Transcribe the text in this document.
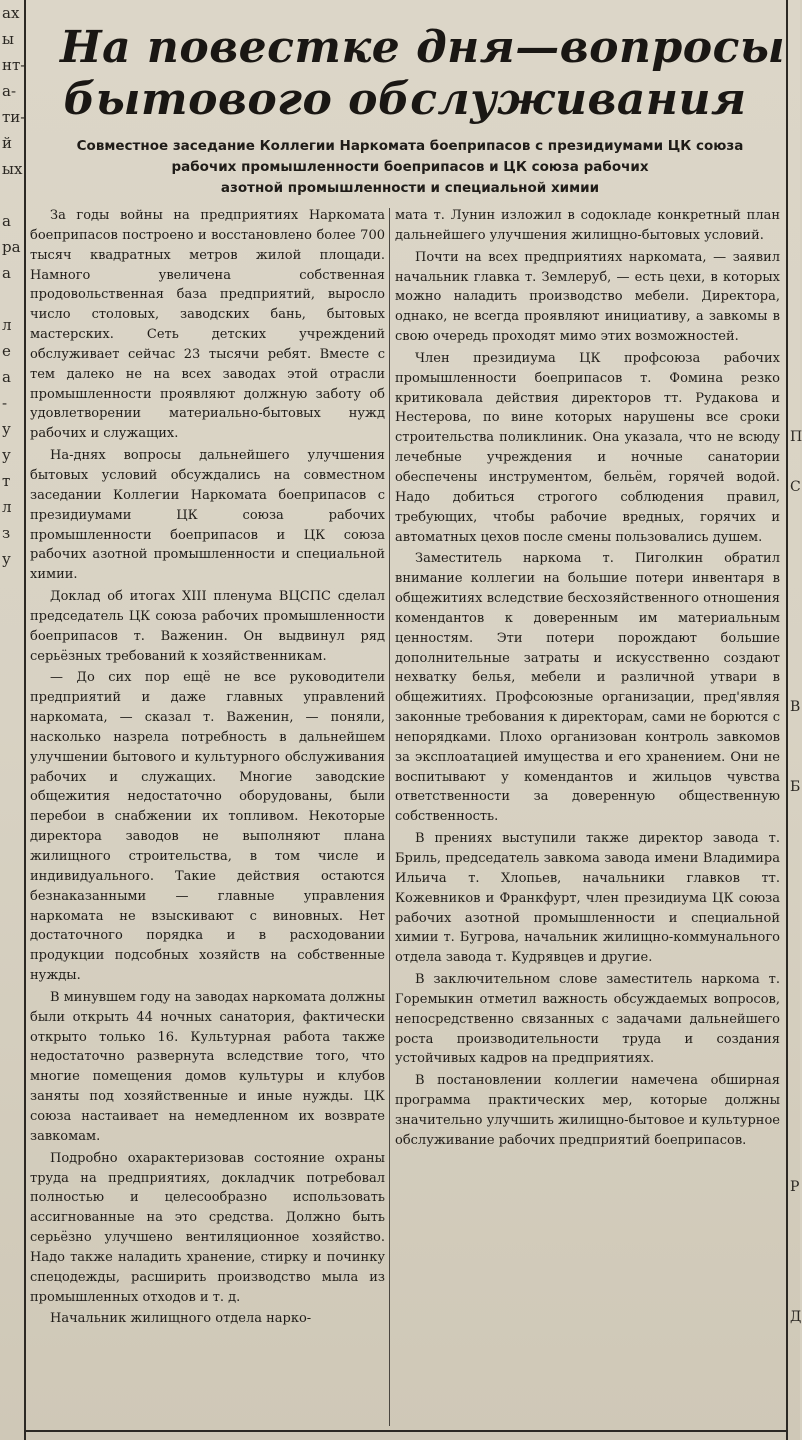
ах
ы
нт-
а-
ти-
й
ых
а
ра
а
л
е
а
-
у
у
т
л
з
у
П
С
В
Б
Р
Д
На повестке дня—вопросы
бытового обслуживания
Совместное заседание Коллегии Наркомата боеприпасов с президиумами ЦК союза
рабочих промышленности боеприпасов и ЦК союза рабочих
азотной промышленности и специальной химии

За годы войны на предприятиях Наркомата боеприпасов построено и восстановлено более 700 тысяч квадратных метров жилой площади. Намного увеличена собственная продовольственная база предприятий, выросло число столовых, заводских бань, бытовых мастерских. Сеть детских учреждений обслуживает сейчас 23 тысячи ребят. Вместе с тем далеко не на всех заводах этой отрасли промышленности проявляют должную заботу об удовлетворении материально-бытовых нужд рабочих и служащих.

На-днях вопросы дальнейшего улучшения бытовых условий обсуждались на совместном заседании Коллегии Наркомата боеприпасов с президиумами ЦК союза рабочих промышленности боеприпасов и ЦК союза рабочих азотной промышленности и специальной химии.

Доклад об итогах XIII пленума ВЦСПС сделал председатель ЦК союза рабочих промышленности боеприпасов т. Важенин. Он выдвинул ряд серьёзных требований к хозяйственникам.

— До сих пор ещё не все руководители предприятий и даже главных управлений наркомата, — сказал т. Важенин, — поняли, насколько назрела потребность в дальнейшем улучшении бытового и культурного обслуживания рабочих и служащих. Многие заводские общежития недостаточно оборудованы, были перебои в снабжении их топливом. Некоторые директора заводов не выполняют плана жилищного строительства, в том числе и индивидуального. Такие действия остаются безнаказанными — главные управления наркомата не взыскивают с виновных. Нет достаточного порядка и в расходовании продукции подсобных хозяйств на собственные нужды.

В минувшем году на заводах наркомата должны были открыть 44 ночных санатория, фактически открыто только 16. Культурная работа также недостаточно развернута вследствие того, что многие помещения домов культуры и клубов заняты под хозяйственные и иные нужды. ЦК союза настаивает на немедленном их возврате завкомам.

Подробно охарактеризовав состояние охраны труда на предприятиях, докладчик потребовал полностью и целесообразно использовать ассигнованные на это средства. Должно быть серьёзно улучшено вентиляционное хозяйство. Надо также наладить хранение, стирку и починку спецодежды, расширить производство мыла из промышленных отходов и т. д.

Начальник жилищного отдела нарко-

мата т. Лунин изложил в содокладе конкретный план дальнейшего улучшения жилищно-бытовых условий.

Почти на всех предприятиях наркомата, — заявил начальник главка т. Землеруб, — есть цехи, в которых можно наладить производство мебели. Директора, однако, не всегда проявляют инициативу, а завкомы в свою очередь проходят мимо этих возможностей.

Член президиума ЦК профсоюза рабочих промышленности боеприпасов т. Фомина резко критиковала действия директоров тт. Рудакова и Нестерова, по вине которых нарушены все сроки строительства поликлиник. Она указала, что не всюду лечебные учреждения и ночные санатории обеспечены инструментом, бельём, горячей водой. Надо добиться строгого соблюдения правил, требующих, чтобы рабочие вредных, горячих и автоматных цехов после смены пользовались душем.

Заместитель наркома т. Пиголкин обратил внимание коллегии на большие потери инвентаря в общежитиях вследствие бесхозяйственного отношения комендантов к доверенным им материальным ценностям. Эти потери порождают большие дополнительные затраты и искусственно создают нехватку белья, мебели и различной утвари в общежитиях. Профсоюзные организации, пред'являя законные требования к директорам, сами не борются с непорядками. Плохо организован контроль завкомов за эксплоатацией имущества и его хранением. Они не воспитывают у комендантов и жильцов чувства ответственности за доверенную общественную собственность.

В прениях выступили также директор завода т. Бриль, председатель завкома завода имени Владимира Ильича т. Хлопьев, начальники главков тт. Кожевников и Франкфурт, член президиума ЦК союза рабочих азотной промышленности и специальной химии т. Бугрова, начальник жилищно-коммунального отдела завода т. Кудрявцев и другие.

В заключительном слове заместитель наркома т. Горемыкин отметил важность обсуждаемых вопросов, непосредственно связанных с задачами дальнейшего роста производительности труда и создания устойчивых кадров на предприятиях.

В постановлении коллегии намечена обширная программа практических мер, которые должны значительно улучшить жилищно-бытовое и культурное обслуживание рабочих предприятий боеприпасов.
